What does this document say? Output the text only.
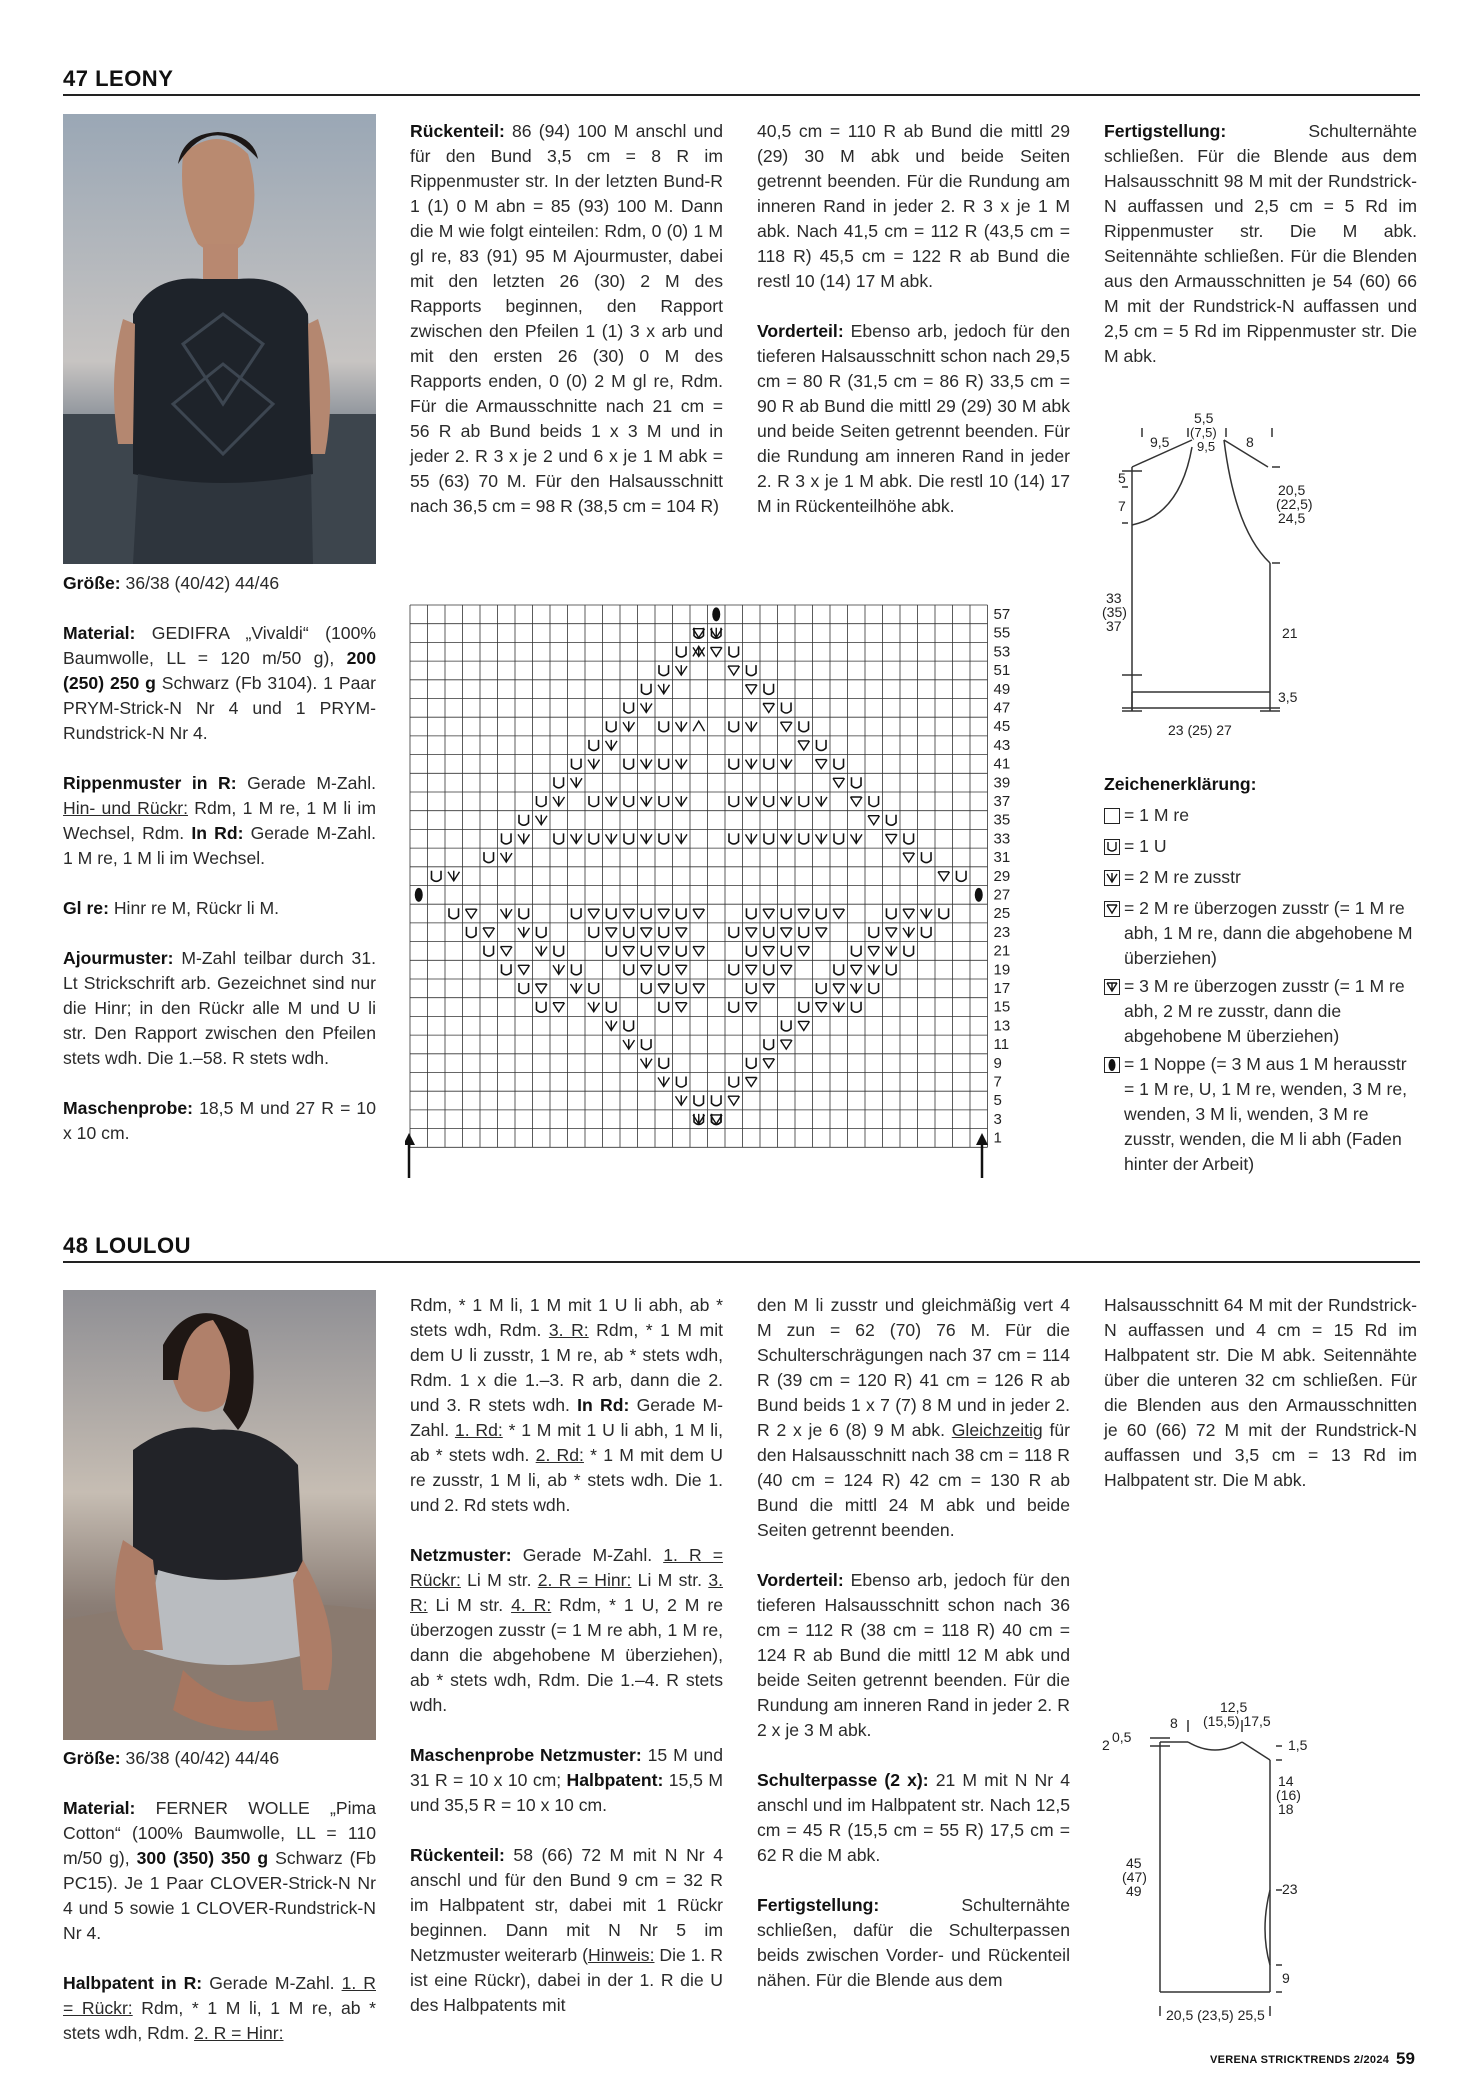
47 LEONY

Größe: 36/38 (40/42) 44/46

Material: GEDIFRA „Vivaldi“ (100% Baumwolle, LL = 120 m/50 g), 200 (250) 250 g Schwarz (Fb 3104). 1 Paar PRYM-Strick-N Nr 4 und 1 PRYM-Rundstrick-N Nr 4.

Rippenmuster in R: Gerade M-Zahl. Hin- und Rückr: Rdm, 1 M re, 1 M li im Wechsel, Rdm. In Rd: Gerade M-Zahl. 1 M re, 1 M li im Wechsel.

Gl re: Hinr re M, Rückr li M.

Ajourmuster: M-Zahl teilbar durch 31. Lt Strickschrift arb. Gezeichnet sind nur die Hinr; in den Rückr alle M und U li str. Den Rapport zwischen den Pfeilen stets wdh. Die 1.–58. R stets wdh.

Maschenprobe: 18,5 M und 27 R = 10 x 10 cm.

Rückenteil: 86 (94) 100 M anschl und für den Bund 3,5 cm = 8 R im Rippenmuster str. In der letzten Bund-R 1 (1) 0 M abn = 85 (93) 100 M. Dann die M wie folgt einteilen: Rdm, 0 (0) 1 M gl re, 83 (91) 95 M Ajourmuster, dabei mit den letzten 26 (30) 2 M des Rapports beginnen, den Rapport zwischen den Pfeilen 1 (1) 3 x arb und mit den ersten 26 (30) 0 M des Rapports enden, 0 (0) 2 M gl re, Rdm. Für die Armausschnitte nach 21 cm = 56 R ab Bund beids 1 x 3 M und in jeder 2. R 3 x je 2 und 6 x je 1 M abk = 55 (63) 70 M. Für den Halsausschnitt nach 36,5 cm = 98 R (38,5 cm = 104 R)

40,5 cm = 110 R ab Bund die mittl 29 (29) 30 M abk und beide Seiten getrennt beenden. Für die Rundung am inneren Rand in jeder 2. R 3 x je 1 M abk. Nach 41,5 cm = 112 R (43,5 cm = 118 R) 45,5 cm = 122 R ab Bund die restl 10 (14) 17 M abk.

Vorderteil: Ebenso arb, jedoch für den tieferen Halsausschnitt schon nach 29,5 cm = 80 R (31,5 cm = 86 R) 33,5 cm = 90 R ab Bund die mittl 29 (29) 30 M abk und beide Seiten getrennt beenden. Für die Rundung am inneren Rand in jeder 2. R 3 x je 1 M abk. Die restl 10 (14) 17 M in Rückenteilhöhe abk.

Fertigstellung: Schulternähte schließen. Für die Blende aus dem Halsausschnitt 98 M mit der Rundstrick-N auffassen und 2,5 cm = 5 Rd im Rippenmuster str. Die M abk. Seitennähte schließen. Für die Blenden aus den Armausschnitten je 54 (60) 66 M mit der Rundstrick-N auffassen und 2,5 cm = 5 Rd im Rippenmuster str. Die M abk.
57
55
53
51
49
47
45
43
41
39
37
35
33
31
29
27
25
23
21
19
17
15
13
11
9
7
5
3
1
5,5
(7,5)
9,5
9,5	8
5
7
20,5
(22,5)
24,5
33
(35)
37	21
3,5
23 (25) 27
Zeichenerklärung:
= 1 M re
= 1 U
= 2 M re zusstr
= 2 M re überzogen zusstr (= 1 M re abh, 1 M re, dann die abgehobene M überziehen)
= 3 M re überzogen zusstr (= 1 M re abh, 2 M re zusstr, dann die abgehobene M überziehen)
= 1 Noppe (= 3 M aus 1 M herausstr = 1 M re, U, 1 M re, wenden, 3 M re, wenden, 3 M li, wenden, 3 M re zusstr, wenden, die M li abh (Faden hinter der Arbeit)
48 LOULOU

Größe: 36/38 (40/42) 44/46

Material: FERNER WOLLE „Pima Cotton“ (100% Baumwolle, LL = 110 m/50 g), 300 (350) 350 g Schwarz (Fb PC15). Je 1 Paar CLOVER-Strick-N Nr 4 und 5 sowie 1 CLOVER-Rundstrick-N Nr 4.

Halbpatent in R: Gerade M-Zahl. 1. R = Rückr: Rdm, * 1 M li, 1 M re, ab * stets wdh, Rdm. 2. R = Hinr:

Rdm, * 1 M li, 1 M mit 1 U li abh, ab * stets wdh, Rdm. 3. R: Rdm, * 1 M mit dem U li zusstr, 1 M re, ab * stets wdh, Rdm. 1 x die 1.–3. R arb, dann die 2. und 3. R stets wdh. In Rd: Gerade M-Zahl. 1. Rd: * 1 M mit 1 U li abh, 1 M li, ab * stets wdh. 2. Rd: * 1 M mit dem U re zusstr, 1 M li, ab * stets wdh. Die 1. und 2. Rd stets wdh.

Netzmuster: Gerade M-Zahl. 1. R = Rückr: Li M str. 2. R = Hinr: Li M str. 3. R: Li M str. 4. R: Rdm, * 1 U, 2 M re überzogen zusstr (= 1 M re abh, 1 M re, dann die abgehobene M überziehen), ab * stets wdh, Rdm. Die 1.–4. R stets wdh.

Maschenprobe Netzmuster: 15 M und 31 R = 10 x 10 cm; Halbpatent: 15,5 M und 35,5 R = 10 x 10 cm.

Rückenteil: 58 (66) 72 M mit N Nr 4 anschl und für den Bund 9 cm = 32 R im Halbpatent str, dabei mit 1 Rückr beginnen. Dann mit N Nr 5 im Netzmuster weiterarb (Hinweis: Die 1. R ist eine Rückr), dabei in der 1. R die U des Halbpatents mit

den M li zusstr und gleichmäßig vert 4 M zun = 62 (70) 76 M. Für die Schulterschrägungen nach 37 cm = 114 R (39 cm = 120 R) 41 cm = 126 R ab Bund beids 1 x 7 (7) 8 M und in jeder 2. R 2 x je 6 (8) 9 M abk. Gleichzeitig für den Halsausschnitt nach 38 cm = 118 R (40 cm = 124 R) 42 cm = 130 R ab Bund die mittl 24 M abk und beide Seiten getrennt beenden.

Vorderteil: Ebenso arb, jedoch für den tieferen Halsausschnitt schon nach 36 cm = 112 R (38 cm = 118 R) 40 cm = 124 R ab Bund die mittl 12 M abk und beide Seiten getrennt beenden. Für die Rundung am inneren Rand in jeder 2. R 2 x je 3 M abk.

Schulterpasse (2 x): 21 M mit N Nr 4 anschl und im Halbpatent str. Nach 12,5 cm = 45 R (15,5 cm = 55 R) 17,5 cm = 62 R die M abk.

Fertigstellung: Schulternähte schließen, dafür die Schulterpassen beids zwischen Vorder- und Rückenteil nähen. Für die Blende aus dem

Halsausschnitt 64 M mit der Rundstrick-N auffassen und 4 cm = 15 Rd im Halbpatent str. Die M abk. Seitennähte über die unteren 32 cm schließen. Für die Blenden aus den Armausschnitten je 60 (66) 72 M mit der Rundstrick-N auffassen und 3,5 cm = 13 Rd im Halbpatent str. Die M abk.
12,5
(15,5) 17,5
8
2 0,5	1,5
14
(16)
18
45
(47)
49	23
9
20,5 (23,5) 25,5
VERENA STRICKTRENDS 2/2024 59
